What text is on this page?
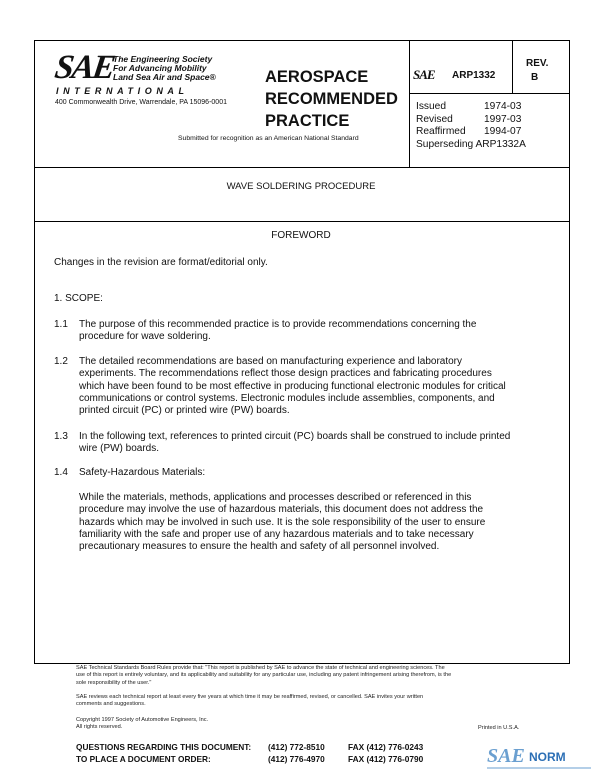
SAE
The Engineering Society
For Advancing Mobility
Land Sea Air and Space®
INTERNATIONAL
400 Commonwealth Drive, Warrendale, PA 15096-0001
Submitted for recognition as an American National Standard
AEROSPACE
RECOMMENDED
PRACTICE
SAE ARP1332
REV.
B
Issued	1974-03
Revised	1997-03
Reaffirmed 1994-07
Superseding ARP1332A
WAVE SOLDERING PROCEDURE
FOREWORD
Changes in the revision are format/editorial only.
1. SCOPE:
1.1 The purpose of this recommended practice is to provide recommendations concerning the
procedure for wave soldering.
1.2 The detailed recommendations are based on manufacturing experience and laboratory
experiments. The recommendations reflect those design practices and fabricating procedures
which have been found to be most effective in producing functional electronic modules for critical
communications or control systems. Electronic modules include assemblies, components, and
printed circuit (PC) or printed wire (PW) boards.
1.3 In the following text, references to printed circuit (PC) boards shall be construed to include printed
wire (PW) boards.
1.4 Safety-Hazardous Materials:
While the materials, methods, applications and processes described or referenced in this
procedure may involve the use of hazardous materials, this document does not address the
hazards which may be involved in such use. It is the sole responsibility of the user to ensure
familiarity with the safe and proper use of any hazardous materials and to take necessary
precautionary measures to ensure the health and safety of all personnel involved.
SAE Technical Standards Board Rules provide that: "This report is published by SAE to advance the state of technical and engineering sciences. The
use of this report is entirely voluntary, and its applicability and suitability for any particular use, including any patent infringement arising therefrom, is the
sole responsibility of the user."
SAE reviews each technical report at least every five years at which time it may be reaffirmed, revised, or cancelled. SAE invites your written
comments and suggestions.
Copyright 1997 Society of Automotive Engineers, Inc.
All rights reserved.	Printed in U.S.A.
QUESTIONS REGARDING THIS DOCUMENT: (412) 772-8510	FAX (412) 776-0243
TO PLACE A DOCUMENT ORDER:	(412) 776-4970	FAX (412) 776-0790	SAE NORM
